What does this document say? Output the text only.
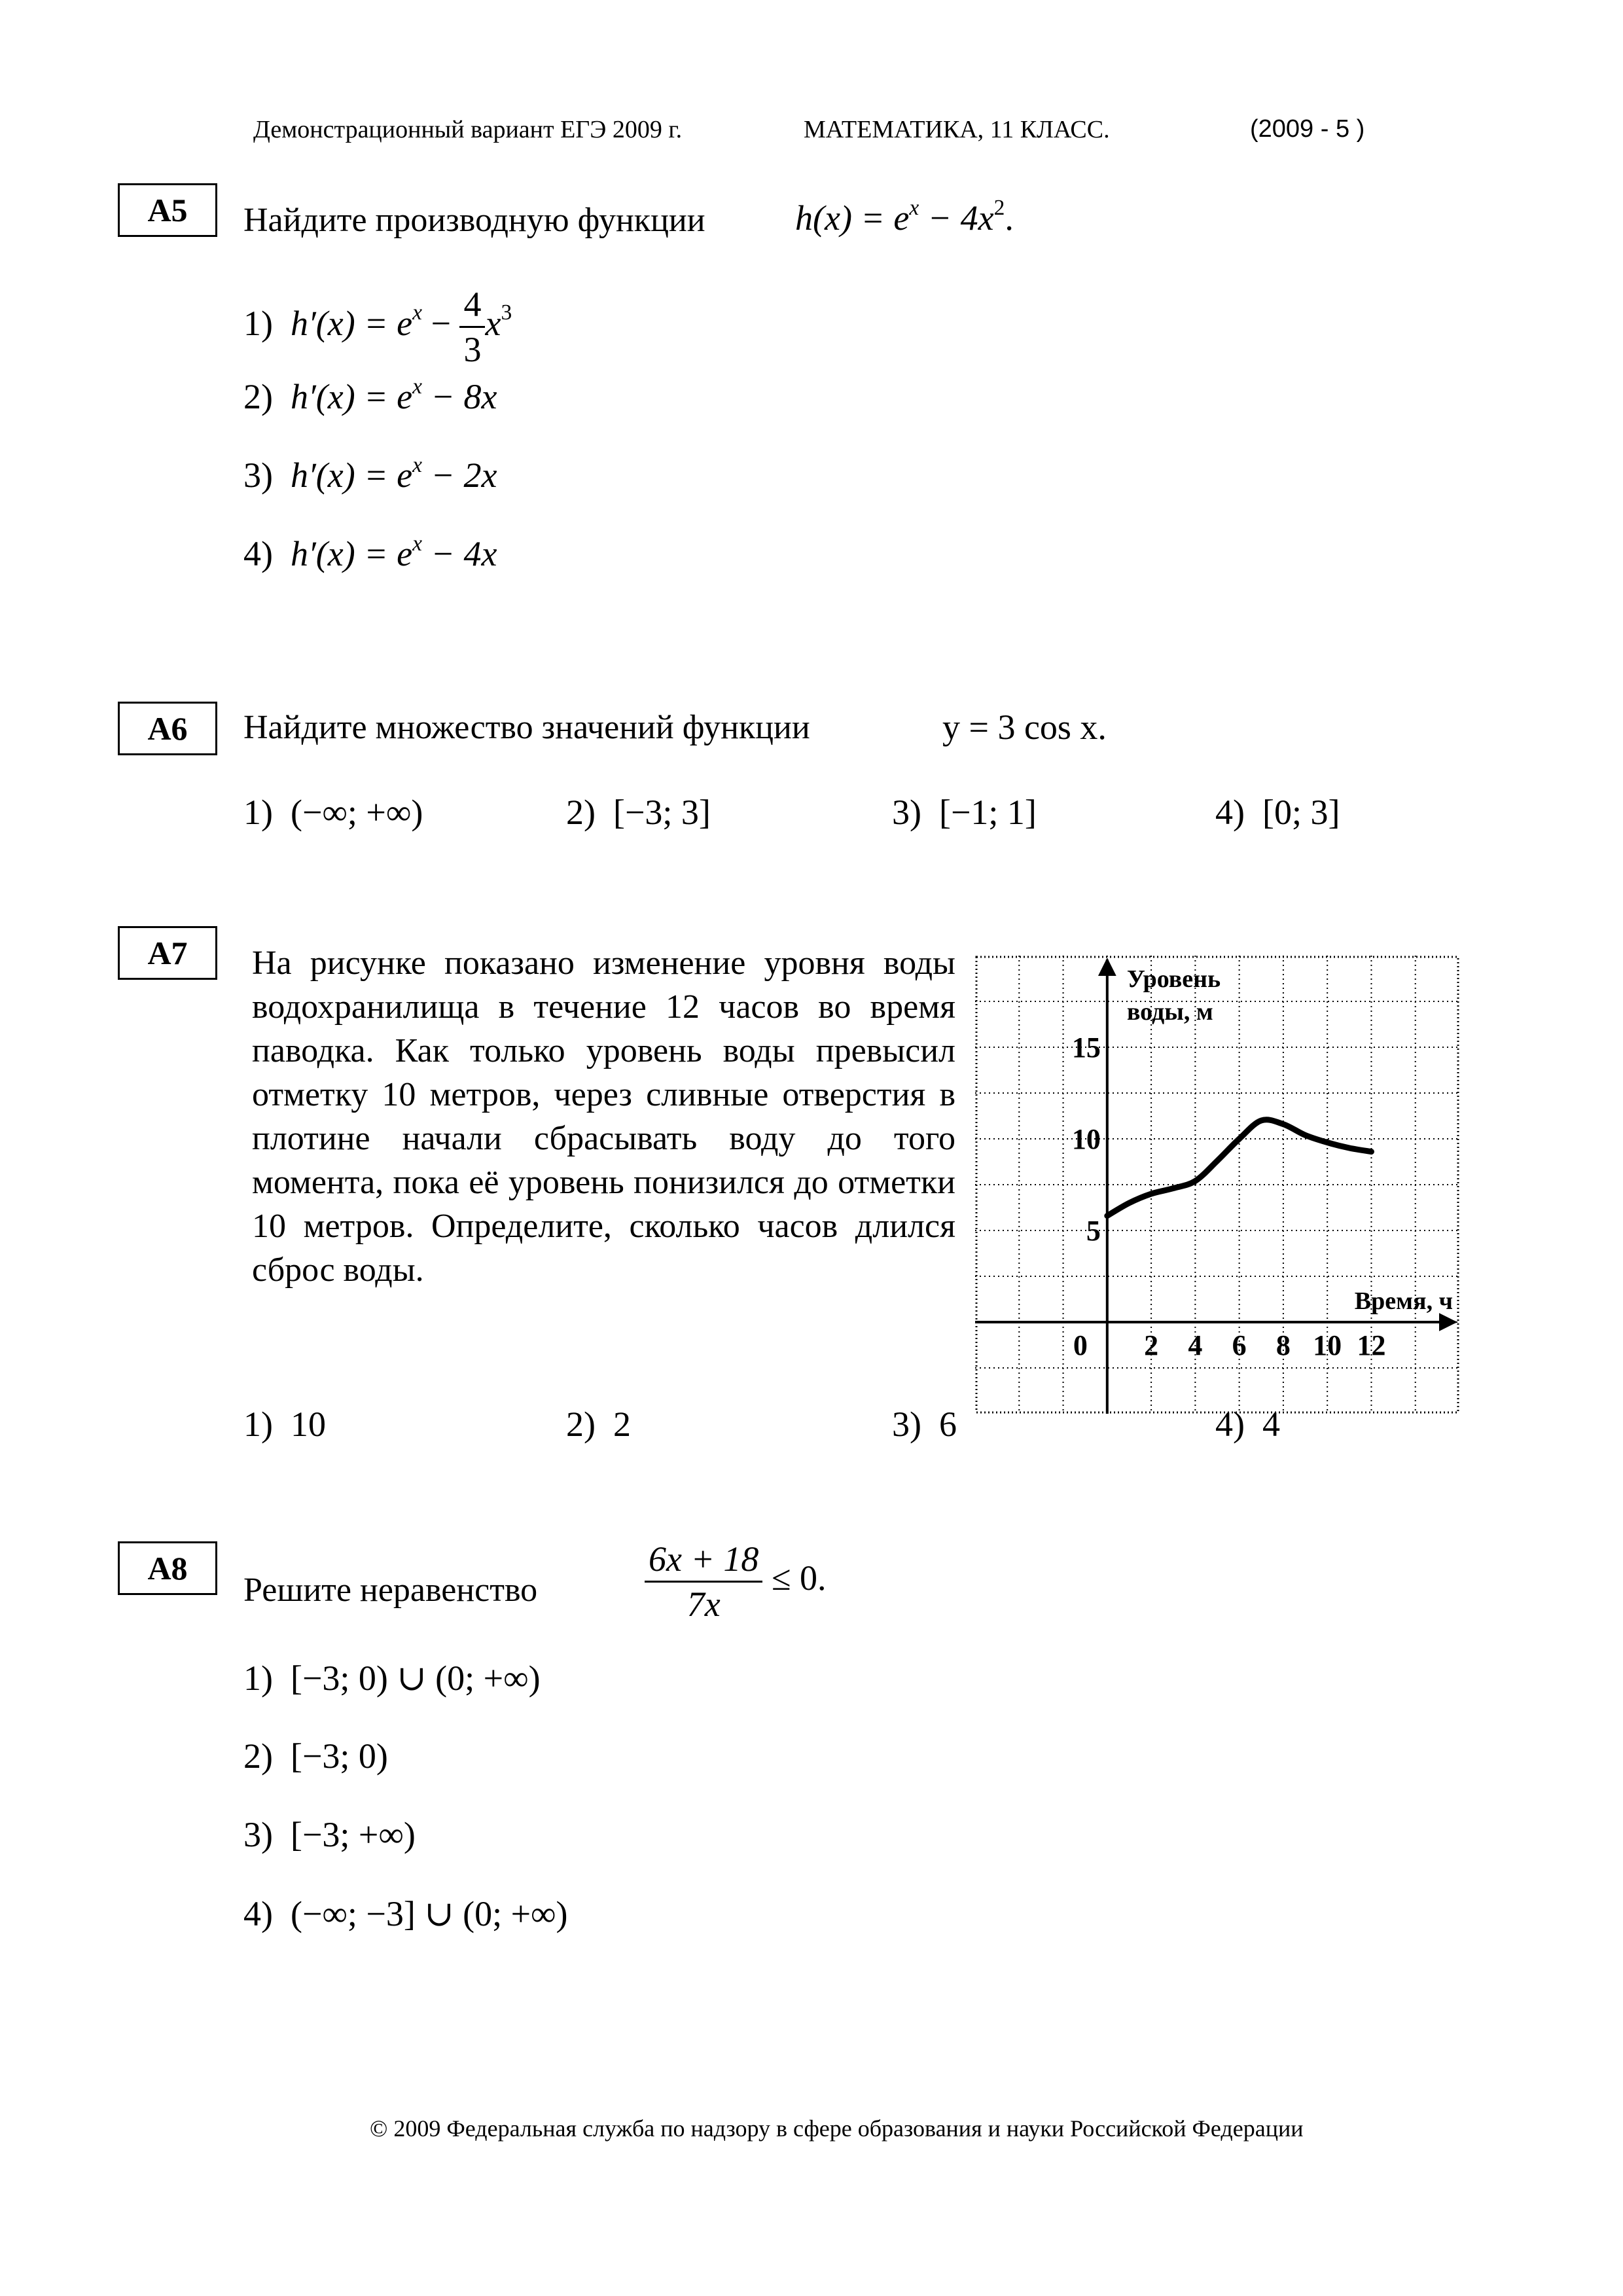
Демонстрационный вариант ЕГЭ 2009 г.	МАТЕМАТИКА, 11 КЛАСС.	(2009 - 5 )
A5	Найдите производную функции	$h(x) = e^x - 4x^2$.
1) $h'(x) = e^x - \frac{4}{3} x^3$
2) $h'(x) = e^x - 8x$
3) $h'(x) = e^x - 2x$
4) $h'(x) = e^x - 4x$
A6	Найдите множество значений функции	y = 3 cos x.
1) (−∞; +∞)	2) [−3; 3]	3) [−1; 1]	4) [0; 3]
A7	На рисунке показано изменение уровня воды водохранилища в течение 12 часов во время паводка. Как только уровень воды превысил отметку 10 метров, через сливные отверстия в плотине начали сбрасывать воду до того момента, пока её уровень понизился до отметки 10 метров. Определите, сколько часов длился сброс воды.
2 4 6 8 10 12
5
10
15
0
Уровень
воды, м
Время, ч
1) 10	2) 2	3) 6	4) 4
A8
Решите неравенство	$\frac{6x + 18}{7x} \le 0$.
1) [−3; 0) ∪ (0; +∞)
2) [−3; 0)
3) [−3; +∞)
4) (−∞; −3] ∪ (0; +∞)
© 2009 Федеральная служба по надзору в сфере образования и науки Российской Федерации
